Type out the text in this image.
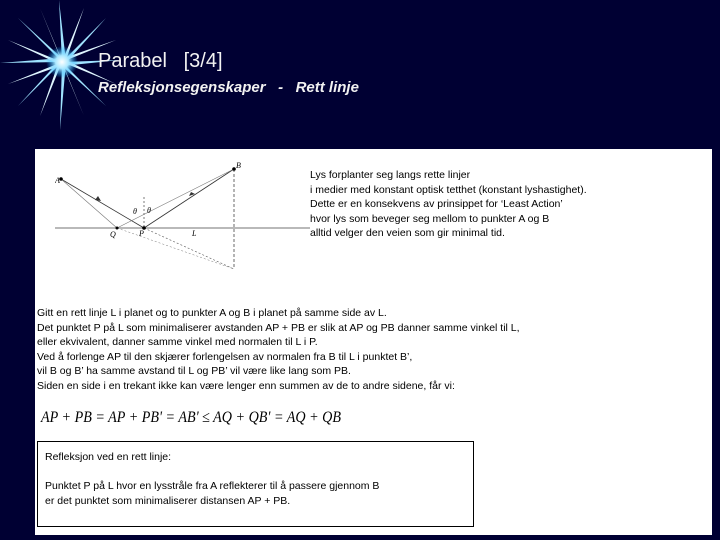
Parabel   [3/4]
Refleksjonsegenskaper   -   Rett linje
A
B
Q	P	L
θ θ
Lys forplanter seg langs rette linjer
i medier med konstant optisk tetthet (konstant lyshastighet).
Dette er en konsekvens av prinsippet for ‘Least Action’
hvor lys som beveger seg mellom to punkter A og B
alltid velger den veien som gir minimal tid.
Gitt en rett linje L i planet og to punkter A og B i planet på samme side av L.
Det punktet P på L som minimaliserer avstanden AP + PB er slik at AP og PB danner samme vinkel til L,
eller ekvivalent, danner samme vinkel med normalen til L i P.
Ved å forlenge AP til den skjærer forlengelsen av normalen fra B til L i punktet B’,
vil B og B’ ha samme avstand til L og PB’ vil være like lang som PB.
Siden en side i en trekant ikke kan være lenger enn summen av de to andre sidene, får vi:
AP + PB = AP + PB' = AB' ≤ AQ + QB' = AQ + QB
Refleksjon ved en rett linje:
Punktet P på L hvor en lysstråle fra A reflekterer til å passere gjennom B
er det punktet som minimaliserer distansen AP + PB.
